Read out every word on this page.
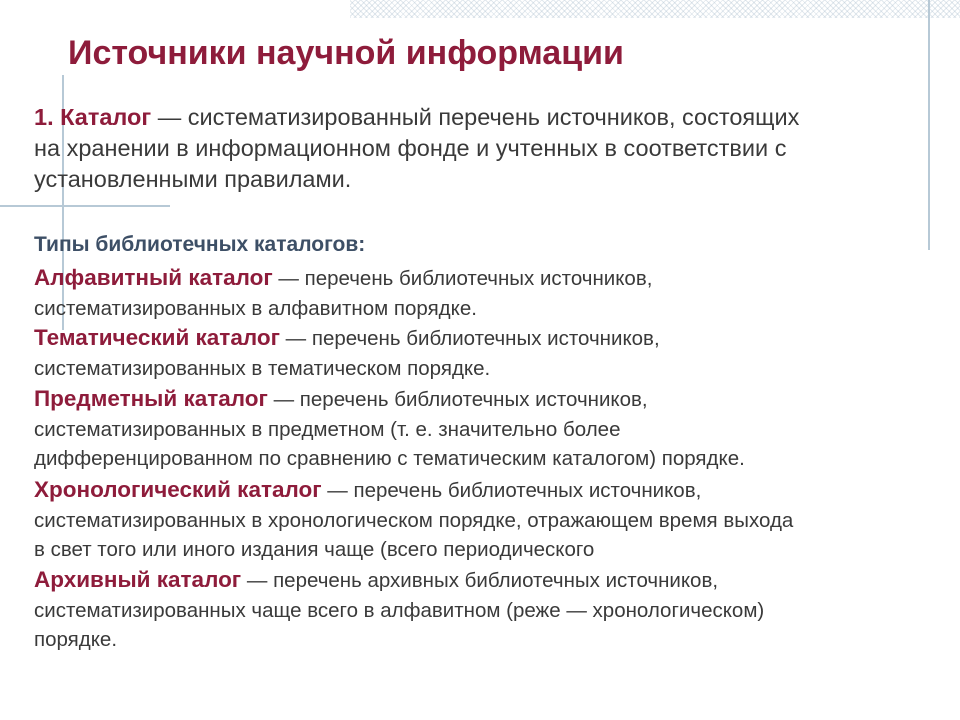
Источники научной информации

1. Каталог — систематизированный перечень источников, состоящих
на хранении в информационном фонде и учтенных в соответствии с
установленными правилами.

Типы библиотечных каталогов:

Алфавитный каталог — перечень библиотечных источников,
систематизированных в алфавитном порядке.

Тематический каталог — перечень библиотечных источников,
систематизированных в тематическом порядке.

Предметный каталог — перечень библиотечных источников,
систематизированных в предметном (т. е. значительно более
дифференцированном по сравнению с тематическим каталогом) порядке.

Хронологический каталог — перечень библиотечных источников,
систематизированных в хронологическом порядке, отражающем время выхода
в свет того или иного издания чаще (всего периодического

Архивный каталог — перечень архивных библиотечных источников,
систематизированных чаще всего в алфавитном (реже — хронологическом)
порядке.
